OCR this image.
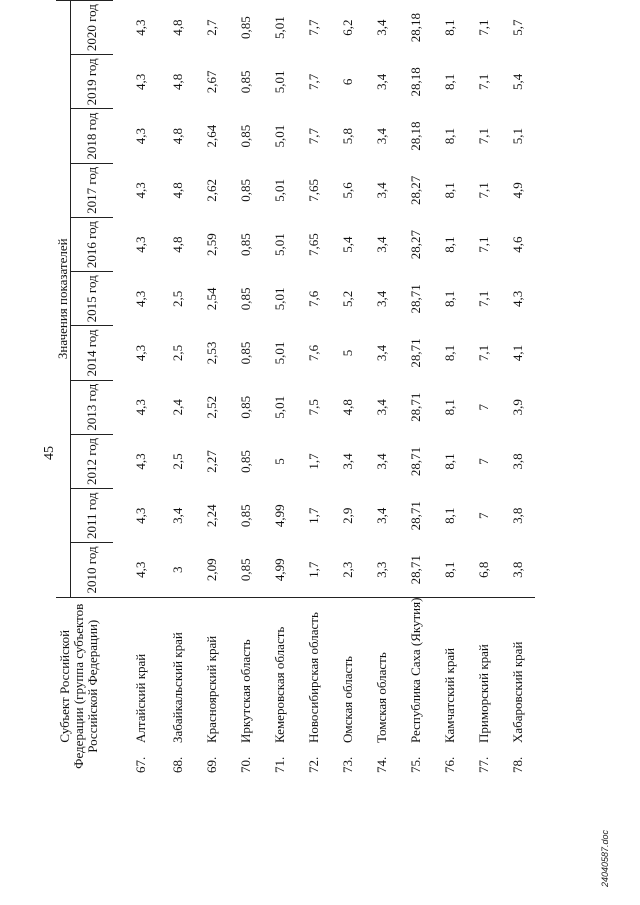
45
Субъект Российской Федерации (группа субъектов Российской Федерации)	Значения показателей										
	2010 год	2011 год	2012 год	2013 год	2014 год	2015 год	2016 год	2017 год	2018 год	2019 год	2020 год
67.Алтайский край	4,3	4,3	4,3	4,3	4,3	4,3	4,3	4,3	4,3	4,3	4,3
68.Забайкальский край	3	3,4	2,5	2,4	2,5	2,5	4,8	4,8	4,8	4,8	4,8
69.Красноярский край	2,09	2,24	2,27	2,52	2,53	2,54	2,59	2,62	2,64	2,67	2,7
70.Иркутская область	0,85	0,85	0,85	0,85	0,85	0,85	0,85	0,85	0,85	0,85	0,85
71.Кемеровская область	4,99	4,99	5	5,01	5,01	5,01	5,01	5,01	5,01	5,01	5,01
72.Новосибирская область	1,7	1,7	1,7	7,5	7,6	7,6	7,65	7,65	7,7	7,7	7,7
73.Омская область	2,3	2,9	3,4	4,8	5	5,2	5,4	5,6	5,8	6	6,2
74.Томская область	3,3	3,4	3,4	3,4	3,4	3,4	3,4	3,4	3,4	3,4	3,4
75.Республика Саха (Якутия)	28,71	28,71	28,71	28,71	28,71	28,71	28,27	28,27	28,18	28,18	28,18
76.Камчатский край	8,1	8,1	8,1	8,1	8,1	8,1	8,1	8,1	8,1	8,1	8,1
77.Приморский край	6,8	7	7	7	7,1	7,1	7,1	7,1	7,1	7,1	7,1
78.Хабаровский край	3,8	3,8	3,8	3,9	4,1	4,3	4,6	4,9	5,1	5,4	5,7
24040587.doc
